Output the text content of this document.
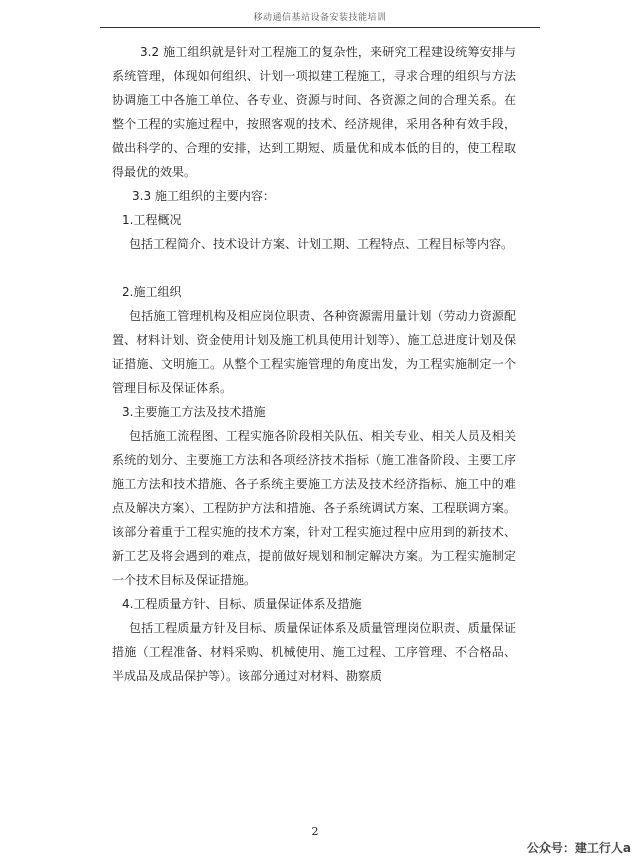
移动通信基站设备安装技能培训

3.2 施工组织就是针对工程施工的复杂性，来研究工程建设统筹安排与系统管理，体现如何组织、计划一项拟建工程施工，寻求合理的组织与方法协调施工中各施工单位、各专业、资源与时间、各资源之间的合理关系。在整个工程的实施过程中，按照客观的技术、经济规律，采用各种有效手段，做出科学的、合理的安排，达到工期短、质量优和成本低的目的，使工程取得最优的效果。

3.3 施工组织的主要内容：

1.工程概况

包括工程简介、技术设计方案、计划工期、工程特点、工程目标等内容。

2.施工组织

包括施工管理机构及相应岗位职责、各种资源需用量计划（劳动力资源配置、材料计划、资金使用计划及施工机具使用计划等）、施工总进度计划及保证措施、文明施工。从整个工程实施管理的角度出发，为工程实施制定一个管理目标及保证体系。

3.主要施工方法及技术措施

包括施工流程图、工程实施各阶段相关队伍、相关专业、相关人员及相关系统的划分、主要施工方法和各项经济技术指标（施工准备阶段、主要工序施工方法和技术措施、各子系统主要施工方法及技术经济指标、施工中的难点及解决方案）、工程防护方法和措施、各子系统调试方案、工程联调方案。该部分着重于工程实施的技术方案，针对工程实施过程中应用到的新技术、新工艺及将会遇到的难点，提前做好规划和制定解决方案。为工程实施制定一个技术目标及保证措施。

4.工程质量方针、目标、质量保证体系及措施

包括工程质量方针及目标、质量保证体系及质量管理岗位职责、质量保证措施（工程准备、材料采购、机械使用、施工过程、工序管理、不合格品、半成品及成品保护等）。该部分通过对材料、勘察质

2
公众号：建工行人a
